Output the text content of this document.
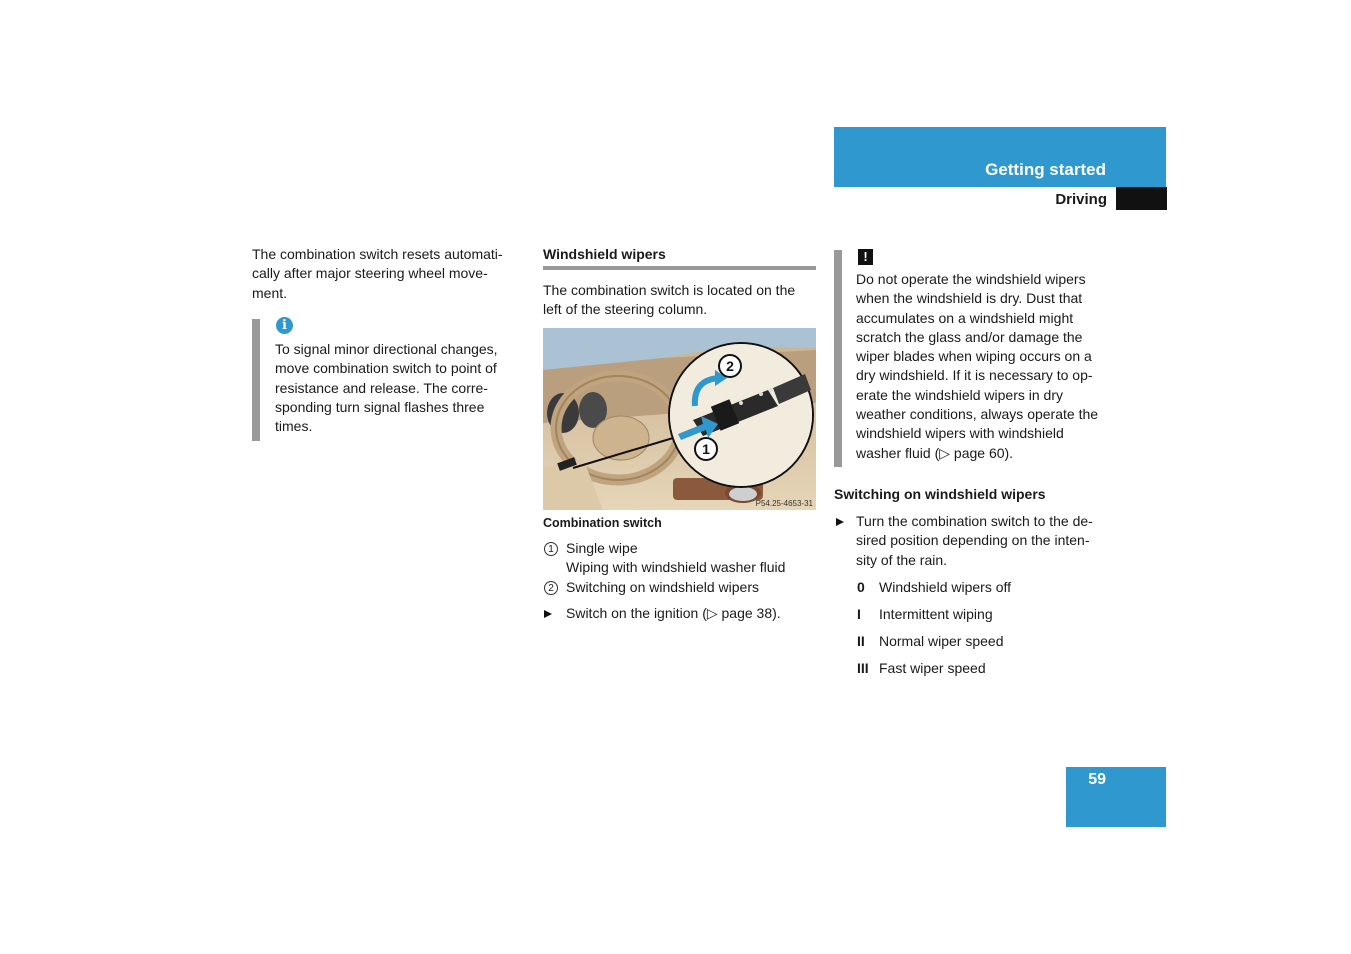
Getting started
Driving
The combination switch resets automati-
cally after major steering wheel move-
ment.
i
To signal minor directional changes,
move combination switch to point of
resistance and release. The corre-
sponding turn signal flashes three
times.
Windshield wipers
The combination switch is located on the
left of the steering column.
2
1
P54.25-4653-31
Combination switch
1 Single wipe
Wiping with windshield washer fluid
2 Switching on windshield wipers
Switch on the ignition (▷ page 38).
!
Do not operate the windshield wipers
when the windshield is dry. Dust that
accumulates on a windshield might
scratch the glass and/or damage the
wiper blades when wiping occurs on a
dry windshield. If it is necessary to op-
erate the windshield wipers in dry
weather conditions, always operate the
windshield wipers with windshield
washer fluid (▷ page 60).
Switching on windshield wipers
Turn the combination switch to the de-
sired position depending on the inten-
sity of the rain.
0 Windshield wipers off
I Intermittent wiping
II Normal wiper speed
III Fast wiper speed
59
